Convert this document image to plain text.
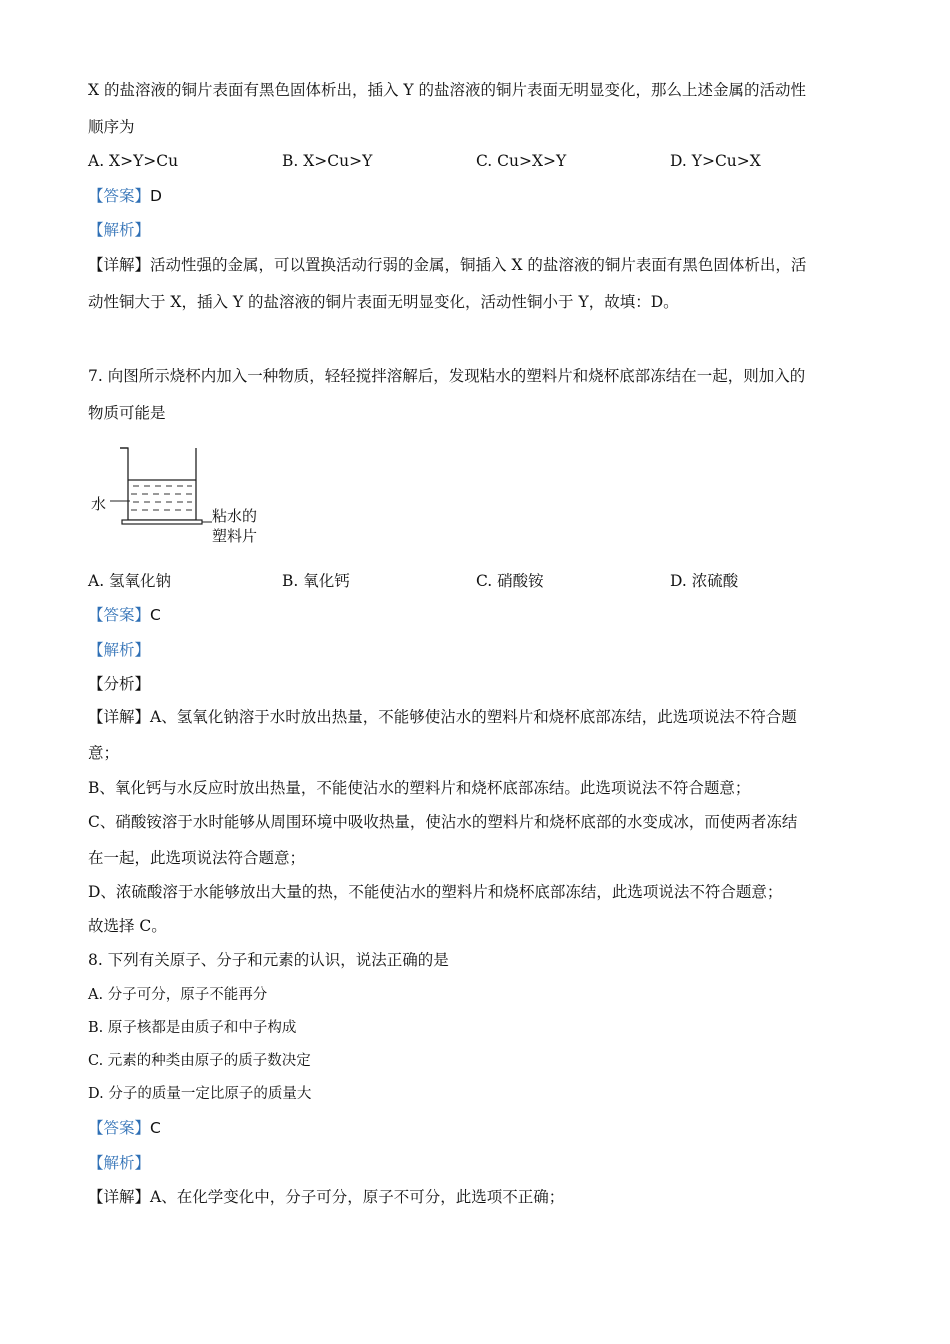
X 的盐溶液的铜片表面有黑色固体析出，插入 Y 的盐溶液的铜片表面无明显变化，那么上述金属的活动性
顺序为
A. X>Y>Cu	B. X>Cu>Y	C. Cu>X>Y	D. Y>Cu>X
【答案】D
【解析】
【详解】活动性强的金属，可以置换活动行弱的金属，铜插入 X 的盐溶液的铜片表面有黑色固体析出，活
动性铜大于 X，插入 Y 的盐溶液的铜片表面无明显变化，活动性铜小于 Y，故填：D。
7. 向图所示烧杯内加入一种物质，轻轻搅拌溶解后，发现粘水的塑料片和烧杯底部冻结在一起，则加入的
物质可能是
水
粘水的
塑料片
A. 氢氧化钠	B. 氧化钙	C. 硝酸铵	D. 浓硫酸
【答案】C
【解析】
【分析】
【详解】A、氢氧化钠溶于水时放出热量，不能够使沾水的塑料片和烧杯底部冻结，此选项说法不符合题
意；
B、氧化钙与水反应时放出热量，不能使沾水的塑料片和烧杯底部冻结。此选项说法不符合题意；
C、硝酸铵溶于水时能够从周围环境中吸收热量，使沾水的塑料片和烧杯底部的水变成冰，而使两者冻结
在一起，此选项说法符合题意；
D、浓硫酸溶于水能够放出大量的热，不能使沾水的塑料片和烧杯底部冻结，此选项说法不符合题意；
故选择 C。
8. 下列有关原子、分子和元素的认识，说法正确的是
A. 分子可分，原子不能再分
B. 原子核都是由质子和中子构成
C. 元素的种类由原子的质子数决定
D. 分子的质量一定比原子的质量大
【答案】C
【解析】
【详解】A、在化学变化中，分子可分，原子不可分，此选项不正确；
